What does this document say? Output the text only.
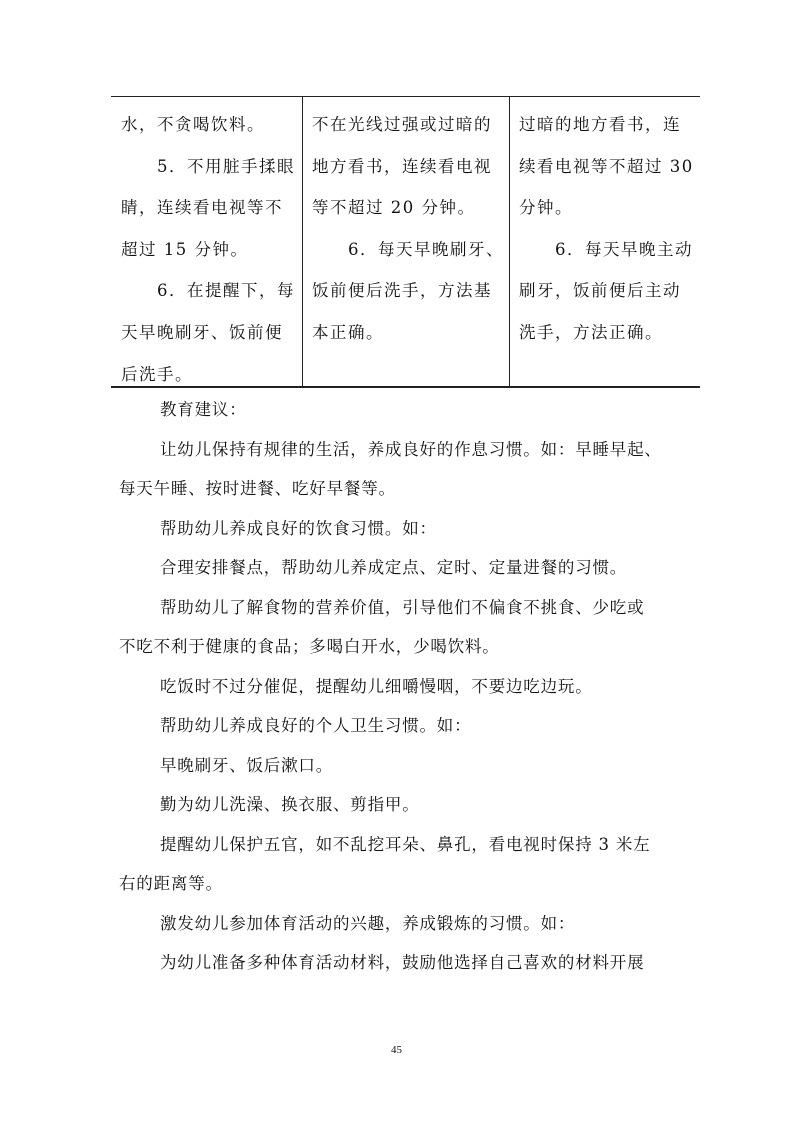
水，不贪喝饮料。
　　5．不用脏手揉眼
睛，连续看电视等不
超过 15 分钟。
　　6．在提醒下，每
天早晚刷牙、饭前便
后洗手。
不在光线过强或过暗的
地方看书，连续看电视
等不超过 20 分钟。
　　6．每天早晚刷牙、
饭前便后洗手，方法基
本正确。
过暗的地方看书，连
续看电视等不超过 30
分钟。
　　6．每天早晚主动
刷牙，饭前便后主动
洗手，方法正确。
教育建议：
让幼儿保持有规律的生活，养成良好的作息习惯。如：早睡早起、
每天午睡、按时进餐、吃好早餐等。
帮助幼儿养成良好的饮食习惯。如：
合理安排餐点，帮助幼儿养成定点、定时、定量进餐的习惯。
帮助幼儿了解食物的营养价值，引导他们不偏食不挑食、少吃或
不吃不利于健康的食品；多喝白开水，少喝饮料。
吃饭时不过分催促，提醒幼儿细嚼慢咽，不要边吃边玩。
帮助幼儿养成良好的个人卫生习惯。如：
早晚刷牙、饭后漱口。
勤为幼儿洗澡、换衣服、剪指甲。
提醒幼儿保护五官，如不乱挖耳朵、鼻孔，看电视时保持 3 米左
右的距离等。
激发幼儿参加体育活动的兴趣，养成锻炼的习惯。如：
为幼儿准备多种体育活动材料，鼓励他选择自己喜欢的材料开展
45
